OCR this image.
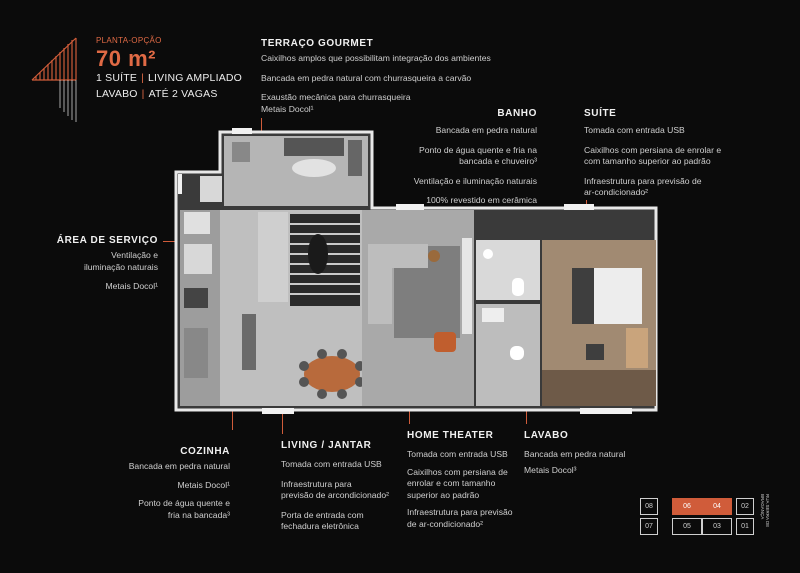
PLANTA-OPÇÃO
70 m²
1 SUÍTE | LIVING AMPLIADO
LAVABO | ATÉ 2 VAGAS
TERRAÇO GOURMET
Caixilhos amplos que possibilitam integração dos ambientes
Bancada em pedra natural com churrasqueira a carvão
Exaustão mecânica para churrasqueira
Metais Docol¹	BANHO
Bancada em pedra natural
Ponto de água quente e fria na
bancada e chuveiro³
Ventilação e iluminação naturais
100% revestido em cerâmica
SUÍTE
Tomada com entrada USB
Caixilhos com persiana de enrolar e
com tamanho superior ao padrão
Infraestrutura para previsão de
ar-condicionado²
ÁREA DE SERVIÇO
Ventilação e
iluminação naturais
Metais Docol¹
COZINHA
Bancada em pedra natural
Metais Docol¹
Ponto de água quente e
fria na bancada³
LIVING / JANTAR
Tomada com entrada USB
Infraestrutura para
previsão de arcondicionado²
Porta de entrada com
fechadura eletrônica
HOME THEATER
Tomada com entrada USB
Caixilhos com persiana de
enrolar e com tamanho
superior ao padrão
Infraestrutura para previsão
de ar-condicionado²
LAVABO
Bancada em pedra natural
Metais Docol³
08	06	04	02
07	05	03	01	RUA SERRA DE BRAGANÇA
